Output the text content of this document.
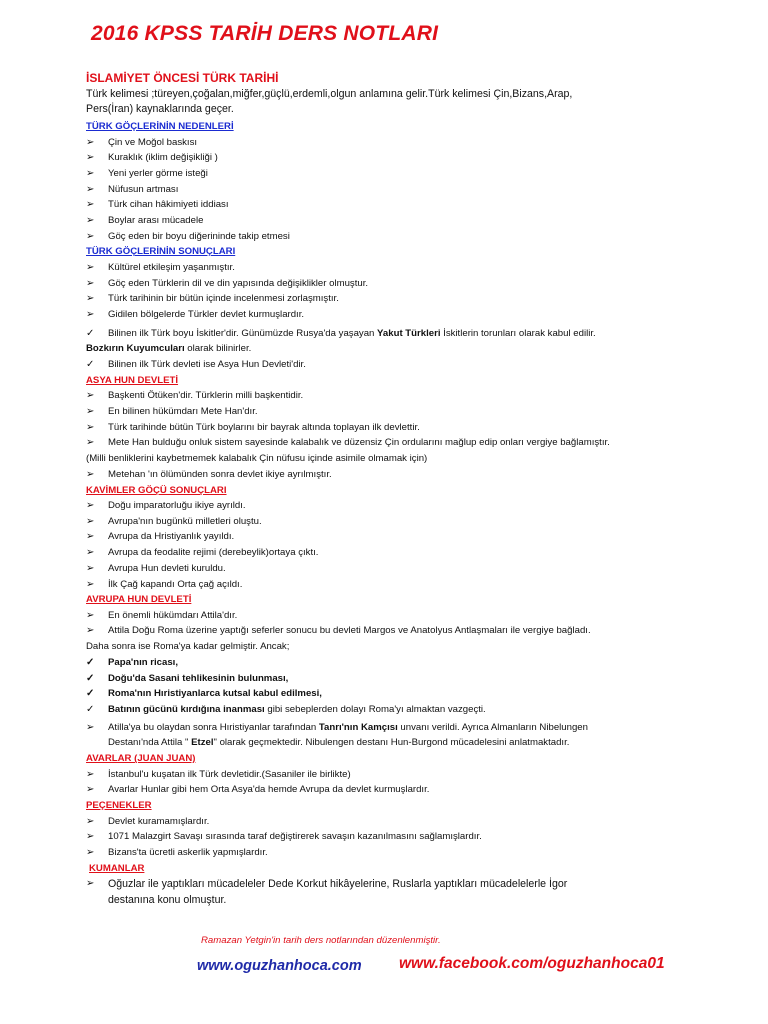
2016 KPSS TARİH DERS NOTLARI
İSLAMİYET ÖNCESİ TÜRK TARİHİ
Türk kelimesi ;türeyen,çoğalan,miğfer,güçlü,erdemli,olgun anlamına gelir.Türk kelimesi Çin,Bizans,Arap,
Pers(İran) kaynaklarında geçer.
TÜRK GÖÇLERİNİN NEDENLERİ
➢	Çin ve Moğol baskısı
➢	Kuraklık (iklim değişikliği )
➢	Yeni yerler görme isteği
➢	Nüfusun artması
➢	Türk cihan hâkimiyeti iddiası
➢	Boylar arası mücadele
➢	Göç eden bir boyu diğerininde takip etmesi
TÜRK GÖÇLERİNİN SONUÇLARI
➢	Kültürel etkileşim yaşanmıştır.
➢	Göç eden Türklerin dil ve din yapısında değişiklikler olmuştur.
➢	Türk tarihinin bir bütün içinde incelenmesi zorlaşmıştır.
➢	Gidilen bölgelerde Türkler devlet kurmuşlardır.
✓	Bilinen ilk Türk boyu İskitler'dir. Günümüzde Rusya'da yaşayan Yakut Türkleri İskitlerin torunları olarak kabul edilir.
Bozkırın Kuyumcuları olarak bilinirler.
✓	Bilinen ilk Türk devleti ise Asya Hun Devleti'dir.
ASYA HUN DEVLETİ
➢	Başkenti Ötüken'dir. Türklerin milli başkentidir.
➢	En bilinen hükümdarı Mete Han'dır.
➢	Türk tarihinde bütün Türk boylarını bir bayrak altında toplayan ilk devlettir.
➢	Mete Han bulduğu onluk sistem sayesinde kalabalık ve düzensiz Çin ordularını mağlup edip onları vergiye bağlamıştır.
(Milli benliklerini kaybetmemek kalabalık Çin nüfusu içinde asimile olmamak için)
➢	Metehan 'ın ölümünden sonra devlet ikiye ayrılmıştır.
KAVİMLER GÖÇÜ SONUÇLARI
➢	Doğu imparatorluğu ikiye ayrıldı.
➢	Avrupa'nın bugünkü milletleri oluştu.
➢	Avrupa da Hristiyanlık yayıldı.
➢	Avrupa da feodalite rejimi (derebeylik)ortaya çıktı.
➢	Avrupa Hun devleti kuruldu.
➢	İlk Çağ kapandı Orta çağ açıldı.
AVRUPA HUN DEVLETİ
➢	En önemli hükümdarı Attila'dır.
➢	Attila Doğu Roma üzerine yaptığı seferler sonucu bu devleti Margos ve Anatolyus Antlaşmaları ile vergiye bağladı.
Daha sonra ise Roma'ya kadar gelmiştir. Ancak;
✓	Papa'nın ricası,
✓	Doğu'da Sasani tehlikesinin bulunması,
✓	Roma'nın Hıristiyanlarca kutsal kabul edilmesi,
✓	Batının gücünü kırdığına inanması gibi sebeplerden dolayı Roma'yı almaktan vazgeçti.
➢	Atilla'ya bu olaydan sonra Hıristiyanlar tarafından Tanrı'nın Kamçısı unvanı verildi. Ayrıca Almanların Nibelungen
Destanı'nda Attila " Etzel" olarak geçmektedir. Nibulengen destanı Hun-Burgond mücadelesini anlatmaktadır.
AVARLAR (JUAN JUAN)
➢	İstanbul'u kuşatan ilk Türk devletidir.(Sasaniler ile birlikte)
➢	Avarlar Hunlar gibi hem Orta Asya'da hemde Avrupa da devlet kurmuşlardır.
PEÇENEKLER
➢	Devlet kuramamışlardır.
➢	1071 Malazgirt Savaşı sırasında taraf değiştirerek savaşın kazanılmasını sağlamışlardır.
➢	Bizans'ta ücretli askerlik yapmışlardır.
KUMANLAR
➢	Oğuzlar ile yaptıkları mücadeleler Dede Korkut hikâyelerine, Ruslarla yaptıkları mücadelelerle İgor
destanına konu olmuştur.
Ramazan Yetgin'in tarih ders notlarından düzenlenmiştir.
www.oguzhanhoca.com www.facebook.com/oguzhanhoca01
